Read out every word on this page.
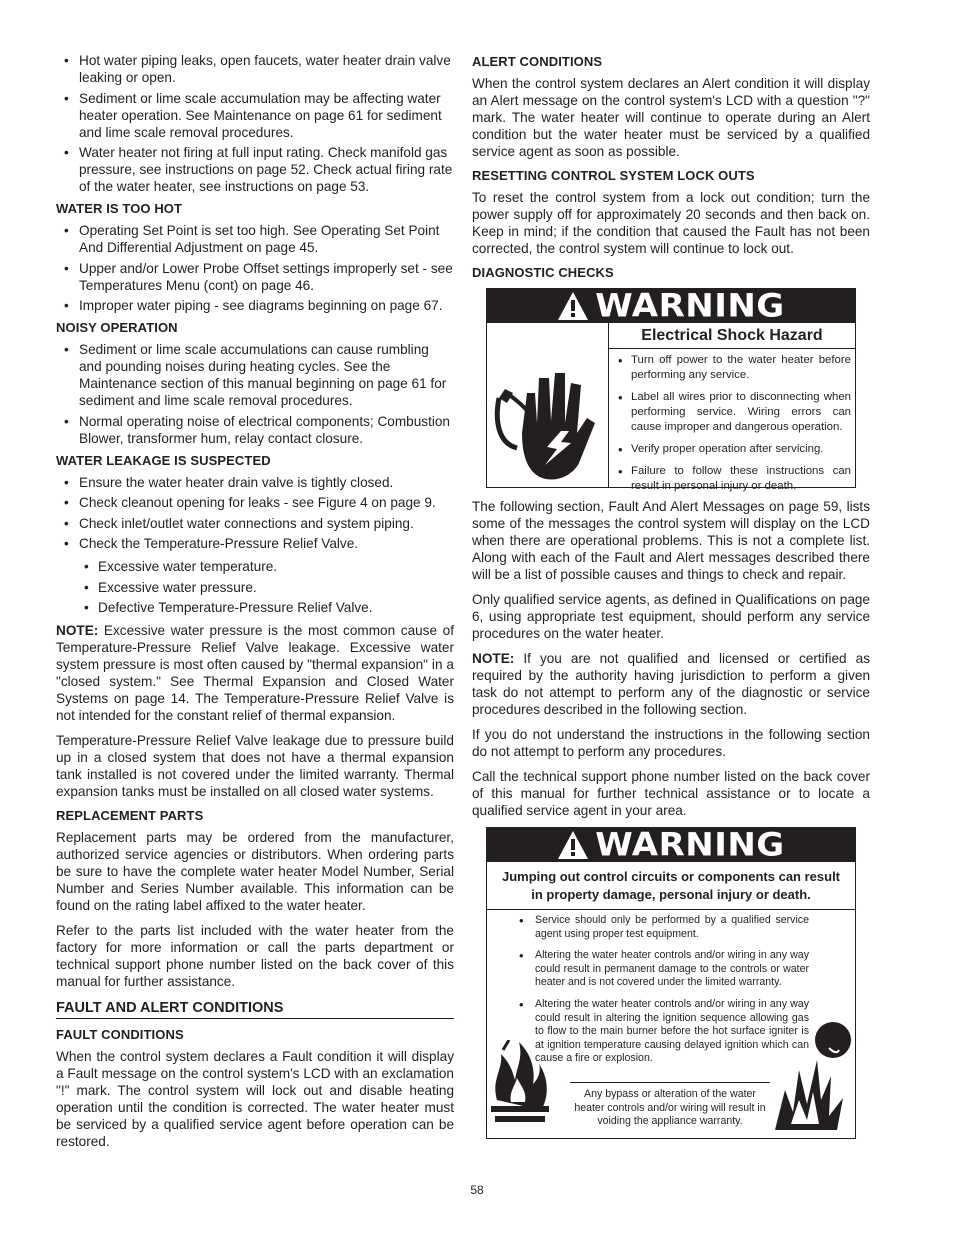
• Hot water piping leaks, open faucets, water heater drain valve leaking or open.
• Sediment or lime scale accumulation may be affecting water heater operation. See Maintenance on page 61 for sediment and lime scale removal procedures.
• Water heater not firing at full input rating. Check manifold gas pressure, see instructions on page 52. Check actual firing rate of the water heater, see instructions on page 53.
WATER IS TOO HOT
• Operating Set Point is set too high. See Operating Set Point And Differential Adjustment on page 45.
• Upper and/or Lower Probe Offset settings improperly set - see Temperatures Menu (cont) on page 46.
• Improper water piping - see diagrams beginning on page 67.
NOISY OPERATION
• Sediment or lime scale accumulations can cause rumbling and pounding noises during heating cycles. See the Maintenance section of this manual beginning on page 61 for sediment and lime scale removal procedures.
• Normal operating noise of electrical components; Combustion Blower, transformer hum, relay contact closure.
WATER LEAKAGE IS SUSPECTED
• Ensure the water heater drain valve is tightly closed.
• Check cleanout opening for leaks - see Figure 4 on page 9.
• Check inlet/outlet water connections and system piping.
• Check the Temperature-Pressure Relief Valve.
• Excessive water temperature.
• Excessive water pressure.
• Defective Temperature-Pressure Relief Valve.

NOTE: Excessive water pressure is the most common cause of Temperature-Pressure Relief Valve leakage. Excessive water system pressure is most often caused by "thermal expansion" in a "closed system." See Thermal Expansion and Closed Water Systems on page 14. The Temperature-Pressure Relief Valve is not intended for the constant relief of thermal expansion.

Temperature-Pressure Relief Valve leakage due to pressure build up in a closed system that does not have a thermal expansion tank installed is not covered under the limited warranty. Thermal expansion tanks must be installed on all closed water systems.

REPLACEMENT PARTS

Replacement parts may be ordered from the manufacturer, authorized service agencies or distributors. When ordering parts be sure to have the complete water heater Model Number, Serial Number and Series Number available. This information can be found on the rating label affixed to the water heater.

Refer to the parts list included with the water heater from the factory for more information or call the parts department or technical support phone number listed on the back cover of this manual for further assistance.

FAULT AND ALERT CONDITIONS
FAULT CONDITIONS

When the control system declares a Fault condition it will display a Fault message on the control system's LCD with an exclamation "!" mark. The control system will lock out and disable heating operation until the condition is corrected. The water heater must be serviced by a qualified service agent before operation can be restored.

ALERT CONDITIONS

When the control system declares an Alert condition it will display an Alert message on the control system's LCD with a question "?" mark. The water heater will continue to operate during an Alert condition but the water heater must be serviced by a qualified service agent as soon as possible.

RESETTING CONTROL SYSTEM LOCK OUTS

To reset the control system from a lock out condition; turn the power supply off for approximately 20 seconds and then back on. Keep in mind; if the condition that caused the Fault has not been corrected, the control system will continue to lock out.

DIAGNOSTIC CHECKS
WARNING
Electrical Shock Hazard
• Turn off power to the water heater before performing any service.
• Label all wires prior to disconnecting when performing service. Wiring errors can cause improper and dangerous operation.
• Verify proper operation after servicing.
• Failure to follow these instructions can result in personal injury or death.

The following section, Fault And Alert Messages on page 59, lists some of the messages the control system will display on the LCD when there are operational problems. This is not a complete list. Along with each of the Fault and Alert messages described there will be a list of possible causes and things to check and repair.

Only qualified service agents, as defined in Qualifications on page 6, using appropriate test equipment, should perform any service procedures on the water heater.

NOTE: If you are not qualified and licensed or certified as required by the authority having jurisdiction to perform a given task do not attempt to perform any of the diagnostic or service procedures described in the following section.

If you do not understand the instructions in the following section do not attempt to perform any procedures.

Call the technical support phone number listed on the back cover of this manual for further technical assistance or to locate a qualified service agent in your area.

WARNING
Jumping out control circuits or components can result in property damage, personal injury or death.
• Service should only be performed by a qualified service agent using proper test equipment.
• Altering the water heater controls and/or wiring in any way could result in permanent damage to the controls or water heater and is not covered under the limited warranty.
• Altering the water heater controls and/or wiring in any way could result in altering the ignition sequence allowing gas to flow to the main burner before the hot surface igniter is at ignition temperature causing delayed ignition which can cause a fire or explosion.
Any bypass or alteration of the water heater controls and/or wiring will result in voiding the appliance warranty.
58
